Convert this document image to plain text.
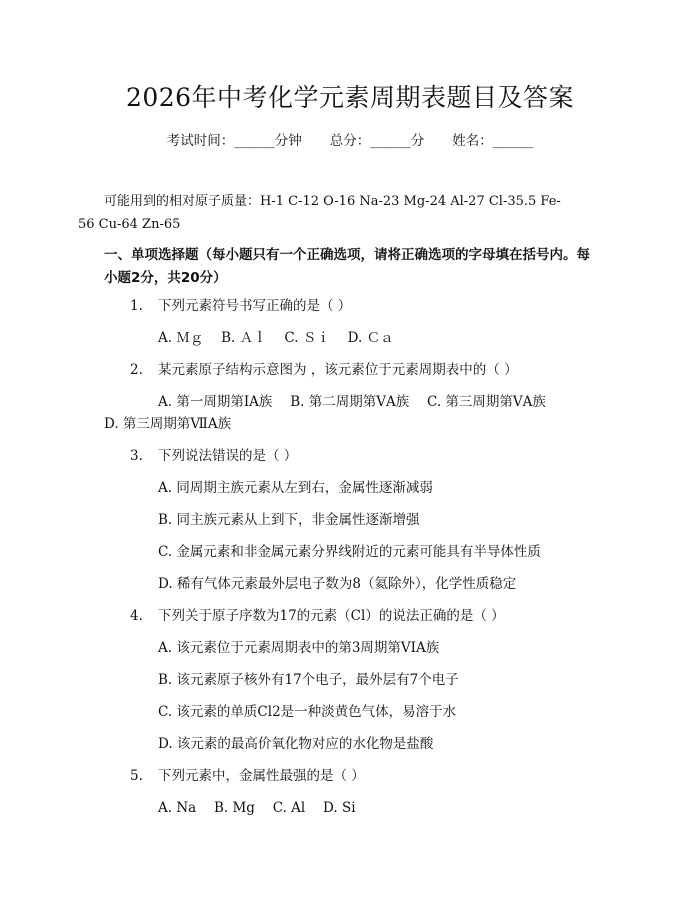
2026年中考化学元素周期表题目及答案
考试时间：______分钟 总分：______分 姓名：______
可能用到的相对原子质量：H-1 C-12 O-16 Na-23 Mg-24 Al-27 Cl-35.5 Fe-56 Cu-64 Zn-65
一、单项选择题（每小题只有一个正确选项，请将正确选项的字母填在括号内。每小题2分，共20分）
1. 下列元素符号书写正确的是（ ）
A. Ｍｇ　 B. Ａｌ　 C. Ｓｉ　 D. Ｃａ
2. 某元素原子结构示意图为 ，该元素位于元素周期表中的（ ）
A. 第一周期第ⅠA族　 B. 第二周期第ⅤA族　 C. 第三周期第ⅤA族
D. 第三周期第ⅦA族
3. 下列说法错误的是（ ）
A. 同周期主族元素从左到右，金属性逐渐减弱
B. 同主族元素从上到下，非金属性逐渐增强
C. 金属元素和非金属元素分界线附近的元素可能具有半导体性质
D. 稀有气体元素最外层电子数为8（氦除外），化学性质稳定
4. 下列关于原子序数为17的元素（Cl）的说法正确的是（ ）
A. 该元素位于元素周期表中的第3周期第VIA族
B. 该元素原子核外有17个电子，最外层有7个电子
C. 该元素的单质Cl2是一种淡黄色气体，易溶于水
D. 该元素的最高价氧化物对应的水化物是盐酸
5. 下列元素中，金属性最强的是（ ）
A. Na　 B. Mg　 C. Al　 D. Si
